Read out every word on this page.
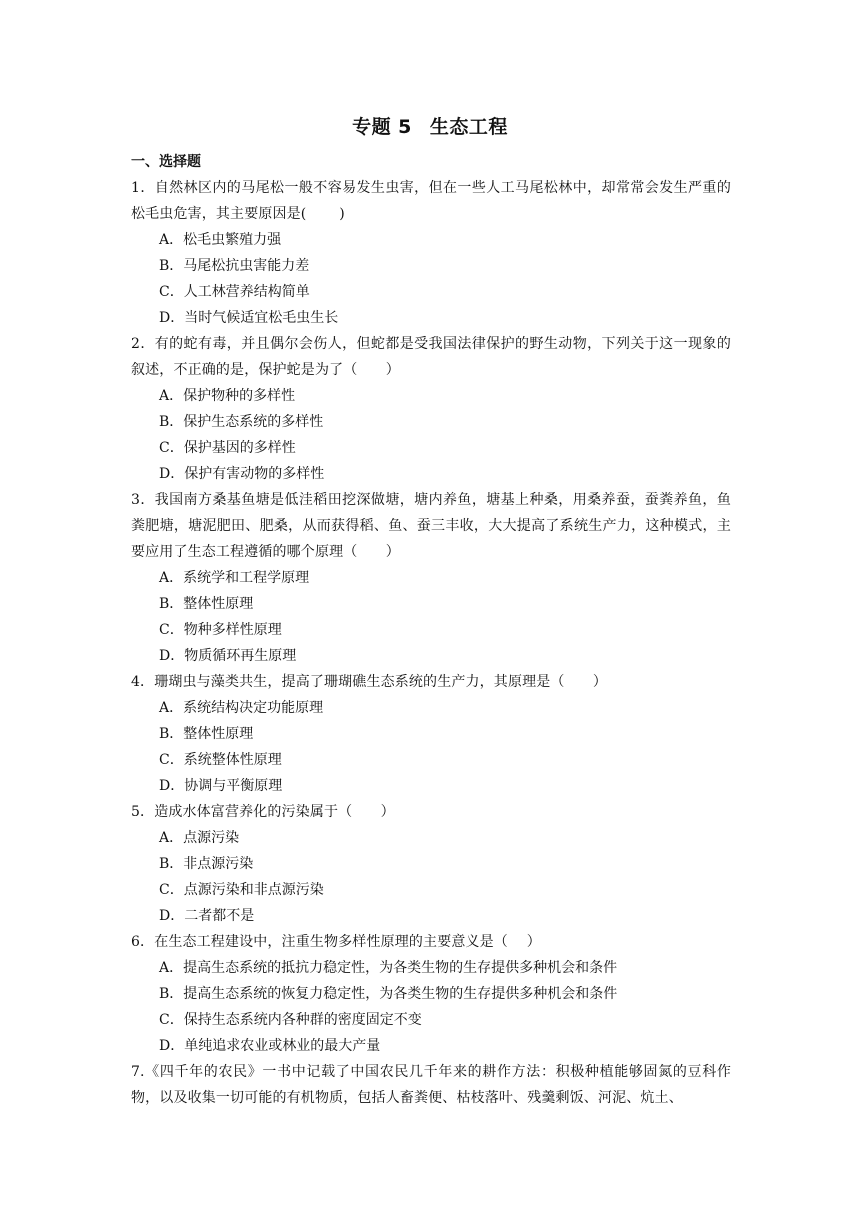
专题 5 生态工程
一、选择题
1．自然林区内的马尾松一般不容易发生虫害，但在一些人工马尾松林中，却常常会发生严重的松毛虫危害，其主要原因是(　　 )
A．松毛虫繁殖力强
B．马尾松抗虫害能力差
C．人工林营养结构简单
D．当时气候适宜松毛虫生长
2．有的蛇有毒，并且偶尔会伤人，但蛇都是受我国法律保护的野生动物，下列关于这一现象的叙述，不正确的是，保护蛇是为了（　　）
A．保护物种的多样性
B．保护生态系统的多样性
C．保护基因的多样性
D．保护有害动物的多样性
3．我国南方桑基鱼塘是低洼稻田挖深做塘，塘内养鱼，塘基上种桑，用桑养蚕，蚕粪养鱼，鱼粪肥塘，塘泥肥田、肥桑，从而获得稻、鱼、蚕三丰收，大大提高了系统生产力，这种模式，主要应用了生态工程遵循的哪个原理（　　）
A．系统学和工程学原理
B．整体性原理
C．物种多样性原理
D．物质循环再生原理
4．珊瑚虫与藻类共生，提高了珊瑚礁生态系统的生产力，其原理是（　　）
A．系统结构决定功能原理
B．整体性原理
C．系统整体性原理
D．协调与平衡原理
5．造成水体富营养化的污染属于（　　）
A．点源污染
B．非点源污染
C．点源污染和非点源污染
D．二者都不是
6．在生态工程建设中，注重生物多样性原理的主要意义是（　 ）
A．提高生态系统的抵抗力稳定性，为各类生物的生存提供多种机会和条件
B．提高生态系统的恢复力稳定性，为各类生物的生存提供多种机会和条件
C．保持生态系统内各种群的密度固定不变
D．单纯追求农业或林业的最大产量
7.《四千年的农民》一书中记载了中国农民几千年来的耕作方法：积极种植能够固氮的豆科作物，以及收集一切可能的有机物质，包括人畜粪便、枯枝落叶、残羹剩饭、河泥、炕土、
